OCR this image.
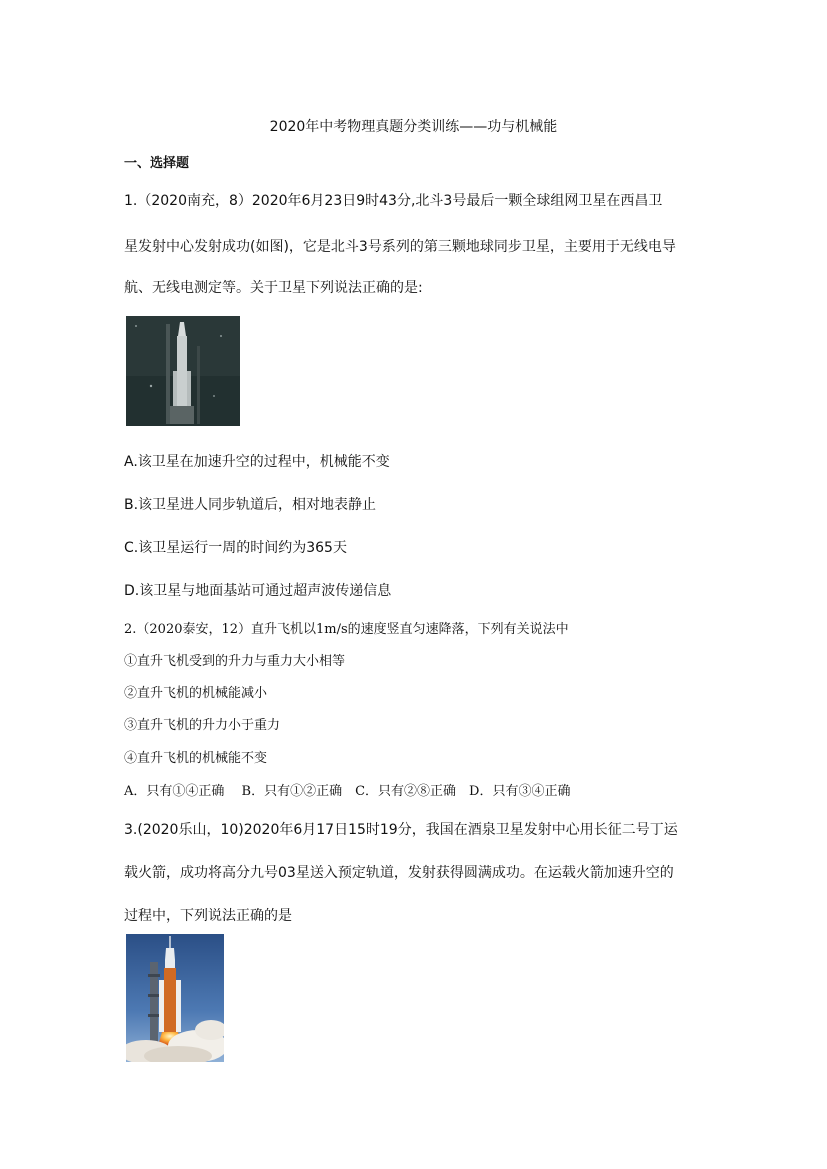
2020年中考物理真题分类训练——功与机械能
一、选择题
1.（2020南充，8）2020年6月23日9时43分,北斗3号最后一颗全球组网卫星在西昌卫
星发射中心发射成功(如图)，它是北斗3号系列的第三颗地球同步卫星，主要用于无线电导
航、无线电测定等。关于卫星下列说法正确的是:
A.该卫星在加速升空的过程中，机械能不变
B.该卫星进人同步轨道后，相对地表静止
C.该卫星运行一周的时间约为365天
D.该卫星与地面基站可通过超声波传递信息
2.（2020泰安，12）直升飞机以1m/s的速度竖直匀速降落，下列有关说法中
①直升飞机受到的升力与重力大小相等
②直升飞机的机械能减小
③直升飞机的升力小于重力
④直升飞机的机械能不变
A．只有①④正确　 B．只有①②正确　C．只有②⑧正确　D．只有③④正确
3.(2020乐山，10)2020年6月17日15时19分，我国在酒泉卫星发射中心用长征二号丁运
载火箭，成功将高分九号03星送入预定轨道，发射获得圆满成功。在运载火箭加速升空的
过程中，下列说法正确的是
